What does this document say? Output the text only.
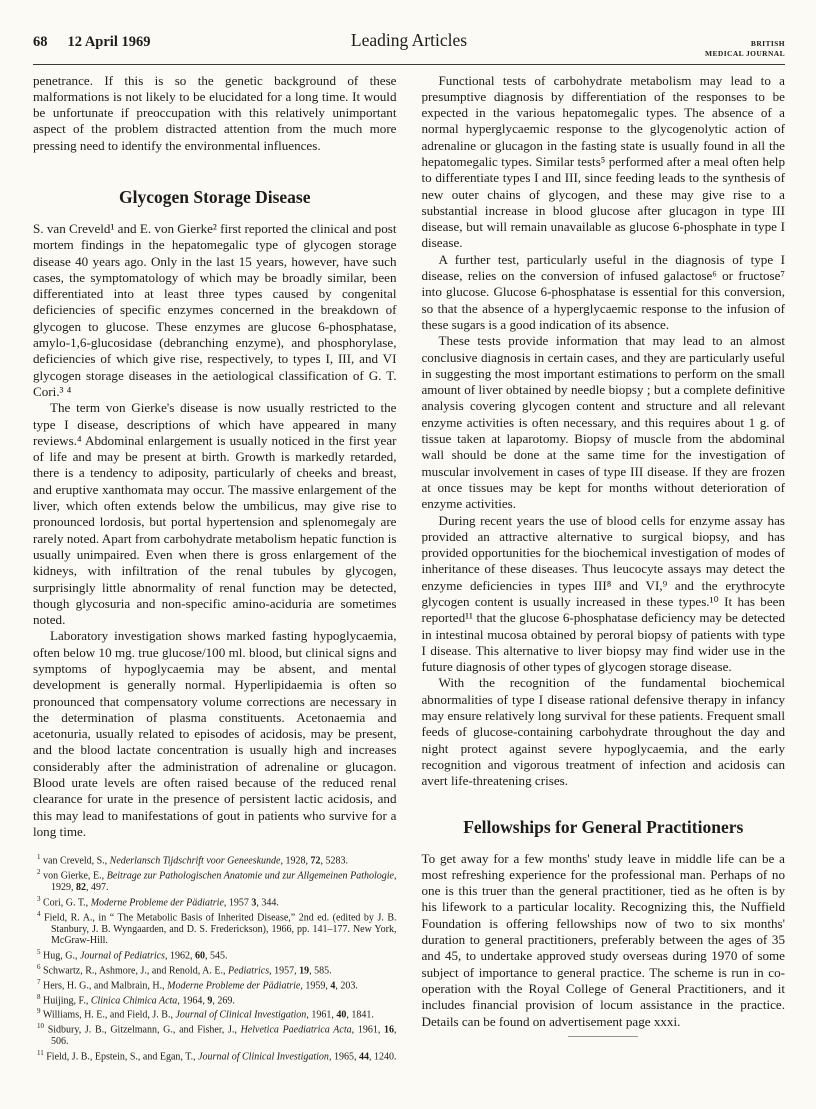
68 12 April 1969	Leading Articles	BRITISH
MEDICAL JOURNAL

penetrance. If this is so the genetic background of these malformations is not likely to be elucidated for a long time. It would be unfortunate if preoccupation with this relatively unimportant aspect of the problem distracted attention from the much more pressing need to identify the environmental influences.

Glycogen Storage Disease

S. van Creveld¹ and E. von Gierke² first reported the clinical and post mortem findings in the hepatomegalic type of glycogen storage disease 40 years ago. Only in the last 15 years, however, have such cases, the symptomatology of which may be broadly similar, been differentiated into at least three types caused by congenital deficiencies of specific enzymes concerned in the breakdown of glycogen to glucose. These enzymes are glucose 6-phosphatase, amylo-1,6-glucosidase (debranching enzyme), and phosphorylase, deficiencies of which give rise, respectively, to types I, III, and VI glycogen storage diseases in the aetiological classification of G. T. Cori.³ ⁴

The term von Gierke's disease is now usually restricted to the type I disease, descriptions of which have appeared in many reviews.⁴ Abdominal enlargement is usually noticed in the first year of life and may be present at birth. Growth is markedly retarded, there is a tendency to adiposity, particularly of cheeks and breast, and eruptive xanthomata may occur. The massive enlargement of the liver, which often extends below the umbilicus, may give rise to pronounced lordosis, but portal hypertension and splenomegaly are rarely noted. Apart from carbohydrate metabolism hepatic function is usually unimpaired. Even when there is gross enlargement of the kidneys, with infiltration of the renal tubules by glycogen, surprisingly little abnormality of renal function may be detected, though glycosuria and non-specific amino-aciduria are sometimes noted.

Laboratory investigation shows marked fasting hypoglycaemia, often below 10 mg. true glucose/100 ml. blood, but clinical signs and symptoms of hypoglycaemia may be absent, and mental development is generally normal. Hyperlipidaemia is often so pronounced that compensatory volume corrections are necessary in the determination of plasma constituents. Acetonaemia and acetonuria, usually related to episodes of acidosis, may be present, and the blood lactate concentration is usually high and increases considerably after the administration of adrenaline or glucagon. Blood urate levels are often raised because of the reduced renal clearance for urate in the presence of persistent lactic acidosis, and this may lead to manifestations of gout in patients who survive for a long time.

$^1$ van Creveld, S., Nederlansch Tijdschrift voor Geneeskunde, 1928, 72, 5283.
$^2$ von Gierke, E., Beitrage zur Pathologischen Anatomie und zur Allgemeinen Pathologie, 1929, 82, 497.
$^3$ Cori, G. T., Moderne Probleme der Pädiatrie, 1957 3, 344.
$^4$ Field, R. A., in “ The Metabolic Basis of Inherited Disease,” 2nd ed. (edited by J. B. Stanbury, J. B. Wyngaarden, and D. S. Frederickson), 1966, pp. 141–177. New York, McGraw-Hill.
$^5$ Hug, G., Journal of Pediatrics, 1962, 60, 545.
$^6$ Schwartz, R., Ashmore, J., and Renold, A. E., Pediatrics, 1957, 19, 585.
$^7$ Hers, H. G., and Malbrain, H., Moderne Probleme der Pädiatrie, 1959, 4, 203.
$^8$ Huijing, F., Clinica Chimica Acta, 1964, 9, 269.
$^9$ Williams, H. E., and Field, J. B., Journal of Clinical Investigation, 1961, 40, 1841.
$^{10}$ Sidbury, J. B., Gitzelmann, G., and Fisher, J., Helvetica Paediatrica Acta, 1961, 16, 506.
$^{11}$ Field, J. B., Epstein, S., and Egan, T., Journal of Clinical Investigation, 1965, 44, 1240.

Functional tests of carbohydrate metabolism may lead to a presumptive diagnosis by differentiation of the responses to be expected in the various hepatomegalic types. The absence of a normal hyperglycaemic response to the glycogenolytic action of adrenaline or glucagon in the fasting state is usually found in all the hepatomegalic types. Similar tests⁵ performed after a meal often help to differentiate types I and III, since feeding leads to the synthesis of new outer chains of glycogen, and these may give rise to a substantial increase in blood glucose after glucagon in type III disease, but will remain unavailable as glucose 6-phosphate in type I disease.

A further test, particularly useful in the diagnosis of type I disease, relies on the conversion of infused galactose⁶ or fructose⁷ into glucose. Glucose 6-phosphatase is essential for this conversion, so that the absence of a hyperglycaemic response to the infusion of these sugars is a good indication of its absence.

These tests provide information that may lead to an almost conclusive diagnosis in certain cases, and they are particularly useful in suggesting the most important estimations to perform on the small amount of liver obtained by needle biopsy ; but a complete definitive analysis covering glycogen content and structure and all relevant enzyme activities is often necessary, and this requires about 1 g. of tissue taken at laparotomy. Biopsy of muscle from the abdominal wall should be done at the same time for the investigation of muscular involvement in cases of type III disease. If they are frozen at once tissues may be kept for months without deterioration of enzyme activities.

During recent years the use of blood cells for enzyme assay has provided an attractive alternative to surgical biopsy, and has provided opportunities for the biochemical investigation of modes of inheritance of these diseases. Thus leucocyte assays may detect the enzyme deficiencies in types III⁸ and VI,⁹ and the erythrocyte glycogen content is usually increased in these types.¹⁰ It has been reported¹¹ that the glucose 6-phosphatase deficiency may be detected in intestinal mucosa obtained by peroral biopsy of patients with type I disease. This alternative to liver biopsy may find wider use in the future diagnosis of other types of glycogen storage disease.

With the recognition of the fundamental biochemical abnormalities of type I disease rational defensive therapy in infancy may ensure relatively long survival for these patients. Frequent small feeds of glucose-containing carbohydrate throughout the day and night protect against severe hypoglycaemia, and the early recognition and vigorous treatment of infection and acidosis can avert life-threatening crises.

Fellowships for General Practitioners

To get away for a few months' study leave in middle life can be a most refreshing experience for the professional man. Perhaps of no one is this truer than the general practitioner, tied as he often is by his lifework to a particular locality. Recognizing this, the Nuffield Foundation is offering fellowships now of two to six months' duration to general practitioners, preferably between the ages of 35 and 45, to undertake approved study overseas during 1970 of some subject of importance to general practice. The scheme is run in co-operation with the Royal College of General Practitioners, and it includes financial provision of locum assistance in the practice. Details can be found on advertisement page xxxi.
